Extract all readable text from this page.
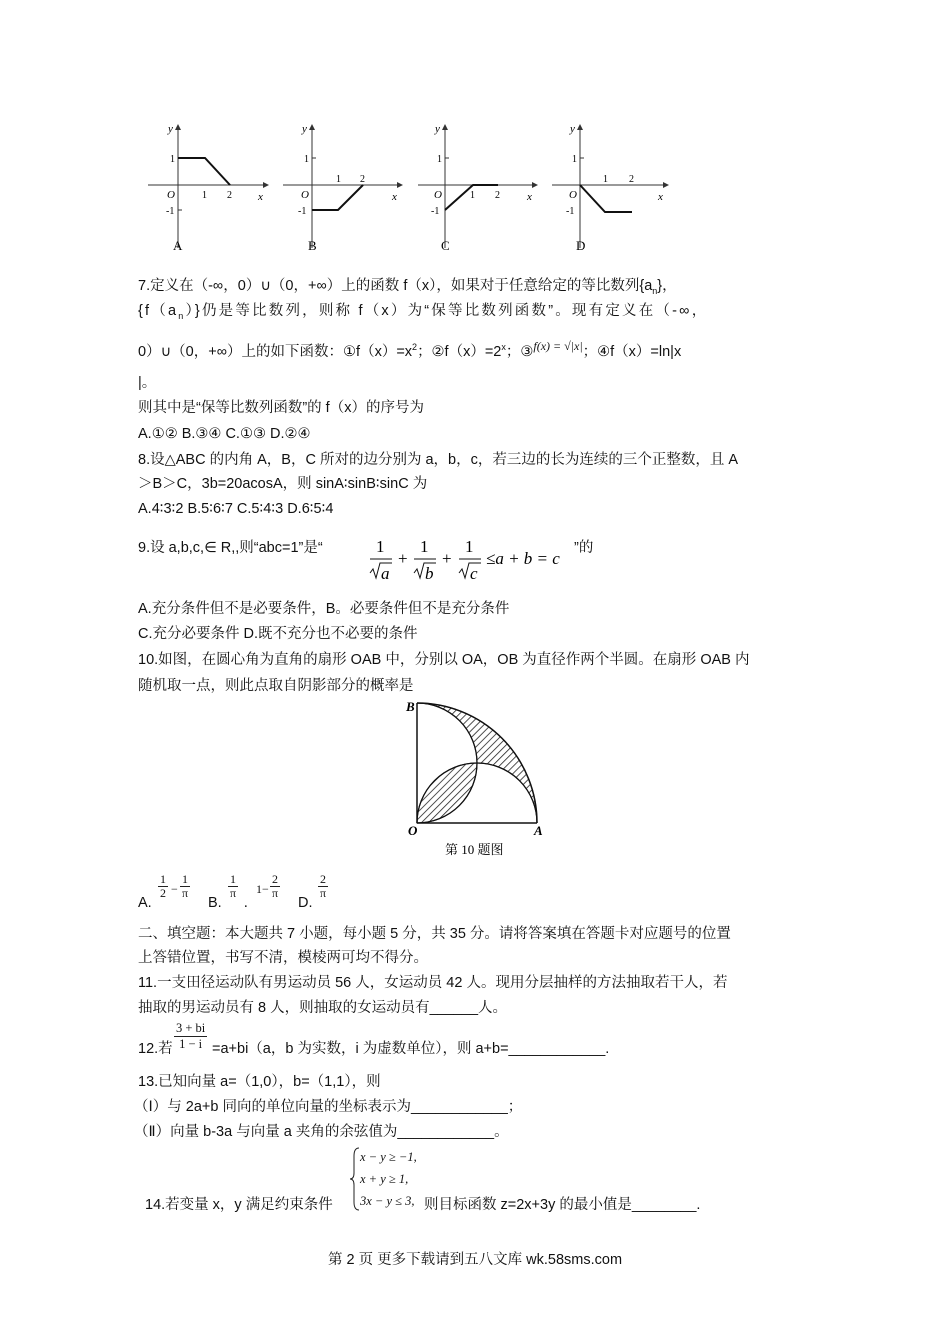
y
x
O
1
-1
1 2
A
y
x
O
1
-1
1 2
B
y
x
O
1
-1
1 2
C
y
x
O
1
-1
1 2
D
7.定义在（-∞，0）∪（0，+∞）上的函数 f（x），如果对于任意给定的等比数列$\{a_n\}$，
$\{f(a_n)\}$仍是等比数列，则称 f（x）为“保等比数列函数”。现有定义在（-∞，
0）∪（0，+∞）上的如下函数：$①f(x)=x^2$；$②f(x)=2^x$；③$^{f(x) = √|x|}$；④f（x）=ln|x
|。
则其中是“保等比数列函数”的 f（x）的序号为
A.①② B.③④ C.①③ D.②④
8.设△ABC 的内角 A，B，C 所对的边分别为 a，b，c，若三边的长为连续的三个正整数，且 A
＞B＞C，3b=20acosA，则 sinA∶sinB∶sinC 为
A.4∶3∶2 B.5∶6∶7 C.5∶4∶3 D.6∶5∶4
9.设 a,b,c,∈ R,,则“abc=1”是“	1
a
+
1
b
+
1
c
≤a + b = c
”的
A.充分条件但不是必要条件，B。必要条件但不是充分条件
C.充分必要条件 D.既不充分也不必要的条件
10.如图，在圆心角为直角的扇形 OAB 中，分别以 OA，OB 为直径作两个半圆。在扇形 OAB 内
随机取一点，则此点取自阴影部分的概率是
B
O	A
第 10 题图
A.
$\frac{1}{2} - \frac{1}{\pi}$
B.
$\frac{1}{\pi}$
.
$1- \frac{2}{\pi}$
D.
$\frac{2}{\pi}$
二、填空题：本大题共 7 小题，每小题 5 分，共 35 分。请将答案填在答题卡对应题号的位置
上答错位置，书写不清，模棱两可均不得分。
11.一支田径运动队有男运动员 56 人，女运动员 42 人。现用分层抽样的方法抽取若干人，若
抽取的男运动员有 8 人，则抽取的女运动员有______人。
12.若 $\frac{3 + bi}{1 - i} =a+bi(a$，b 为实数，i 为虚数单位），则 a+b=____________.
13.已知向量 a=（1,0），b=（1,1），则
（Ⅰ）与 2a+b 同向的单位向量的坐标表示为____________；
（Ⅱ）向量 b-3a 与向量 a 夹角的余弦值为____________。
14.若变量 x，y 满足约束条件
x − y ≥ −1,
x + y ≥ 1,
3x − y ≤ 3, 则目标函数 z=2x+3y 的最小值是________.
第 2 页 更多下载请到五八文库 wk.58sms.com
